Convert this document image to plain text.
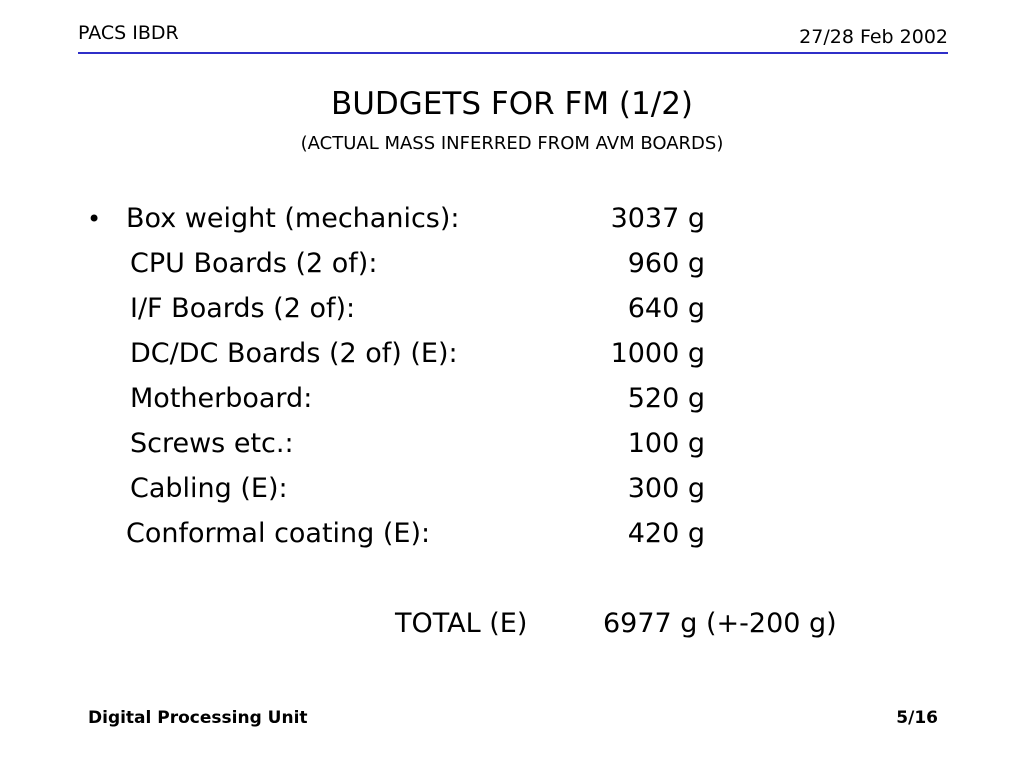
PACS IBDR	27/28 Feb 2002
BUDGETS FOR FM (1/2)
(ACTUAL MASS INFERRED FROM AVM BOARDS)
• Box weight (mechanics):	3037 g
CPU Boards (2 of):	960 g
I/F Boards (2 of):	640 g
DC/DC Boards (2 of) (E):	1000 g
Motherboard:	520 g
Screws etc.:	100 g
Cabling (E):	300 g
Conformal coating (E):	420 g
TOTAL (E)	6977 g (+-200 g)
Digital Processing Unit	5/16
